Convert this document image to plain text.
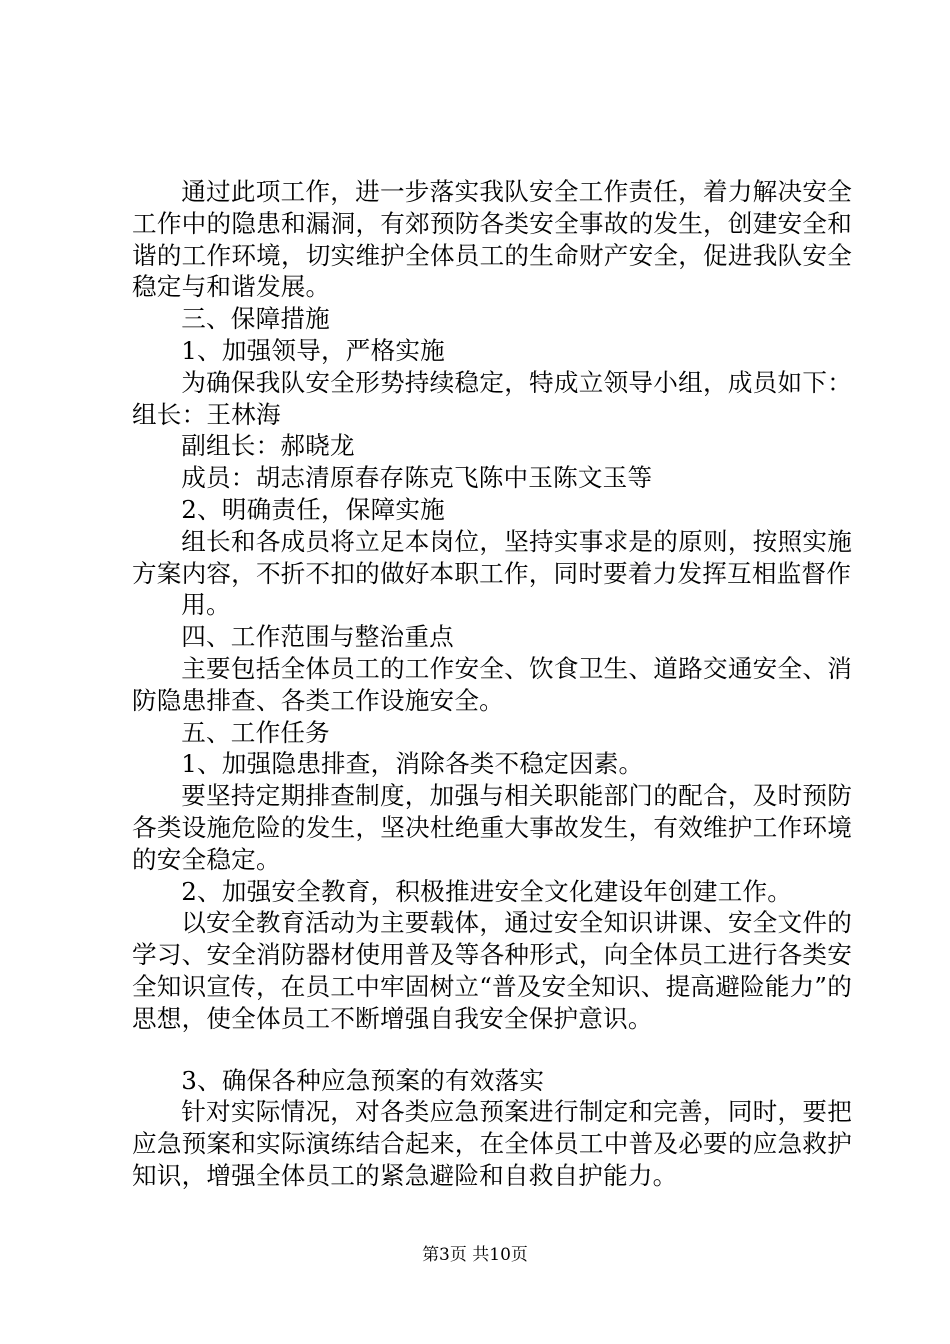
通过此项工作，进一步落实我队安全工作责任，着力解决安全工作中的隐患和漏洞，有郊预防各类安全事故的发生，创建安全和谐的工作环境，切实维护全体员工的生命财产安全，促进我队安全稳定与和谐发展。

三、保障措施

1、加强领导，严格实施

为确保我队安全形势持续稳定，特成立领导小组，成员如下：组长：王林海

副组长：郝晓龙

成员：胡志清原春存陈克飞陈中玉陈文玉等

2、明确责任，保障实施

组长和各成员将立足本岗位，坚持实事求是的原则，按照实施方案内容，不折不扣的做好本职工作，同时要着力发挥互相监督作

用。

四、工作范围与整治重点

主要包括全体员工的工作安全、饮食卫生、道路交通安全、消防隐患排查、各类工作设施安全。

五、工作任务

1、加强隐患排查，消除各类不稳定因素。

要坚持定期排查制度，加强与相关职能部门的配合，及时预防各类设施危险的发生，坚决杜绝重大事故发生，有效维护工作环境的安全稳定。

2、加强安全教育，积极推进安全文化建设年创建工作。

以安全教育活动为主要载体，通过安全知识讲课、安全文件的学习、安全消防器材使用普及等各种形式，向全体员工进行各类安全知识宣传，在员工中牢固树立“普及安全知识、提高避险能力”的思想，使全体员工不断增强自我安全保护意识。

3、确保各种应急预案的有效落实

针对实际情况，对各类应急预案进行制定和完善，同时，要把应急预案和实际演练结合起来，在全体员工中普及必要的应急救护知识，增强全体员工的紧急避险和自救自护能力。

第3页 共10页
